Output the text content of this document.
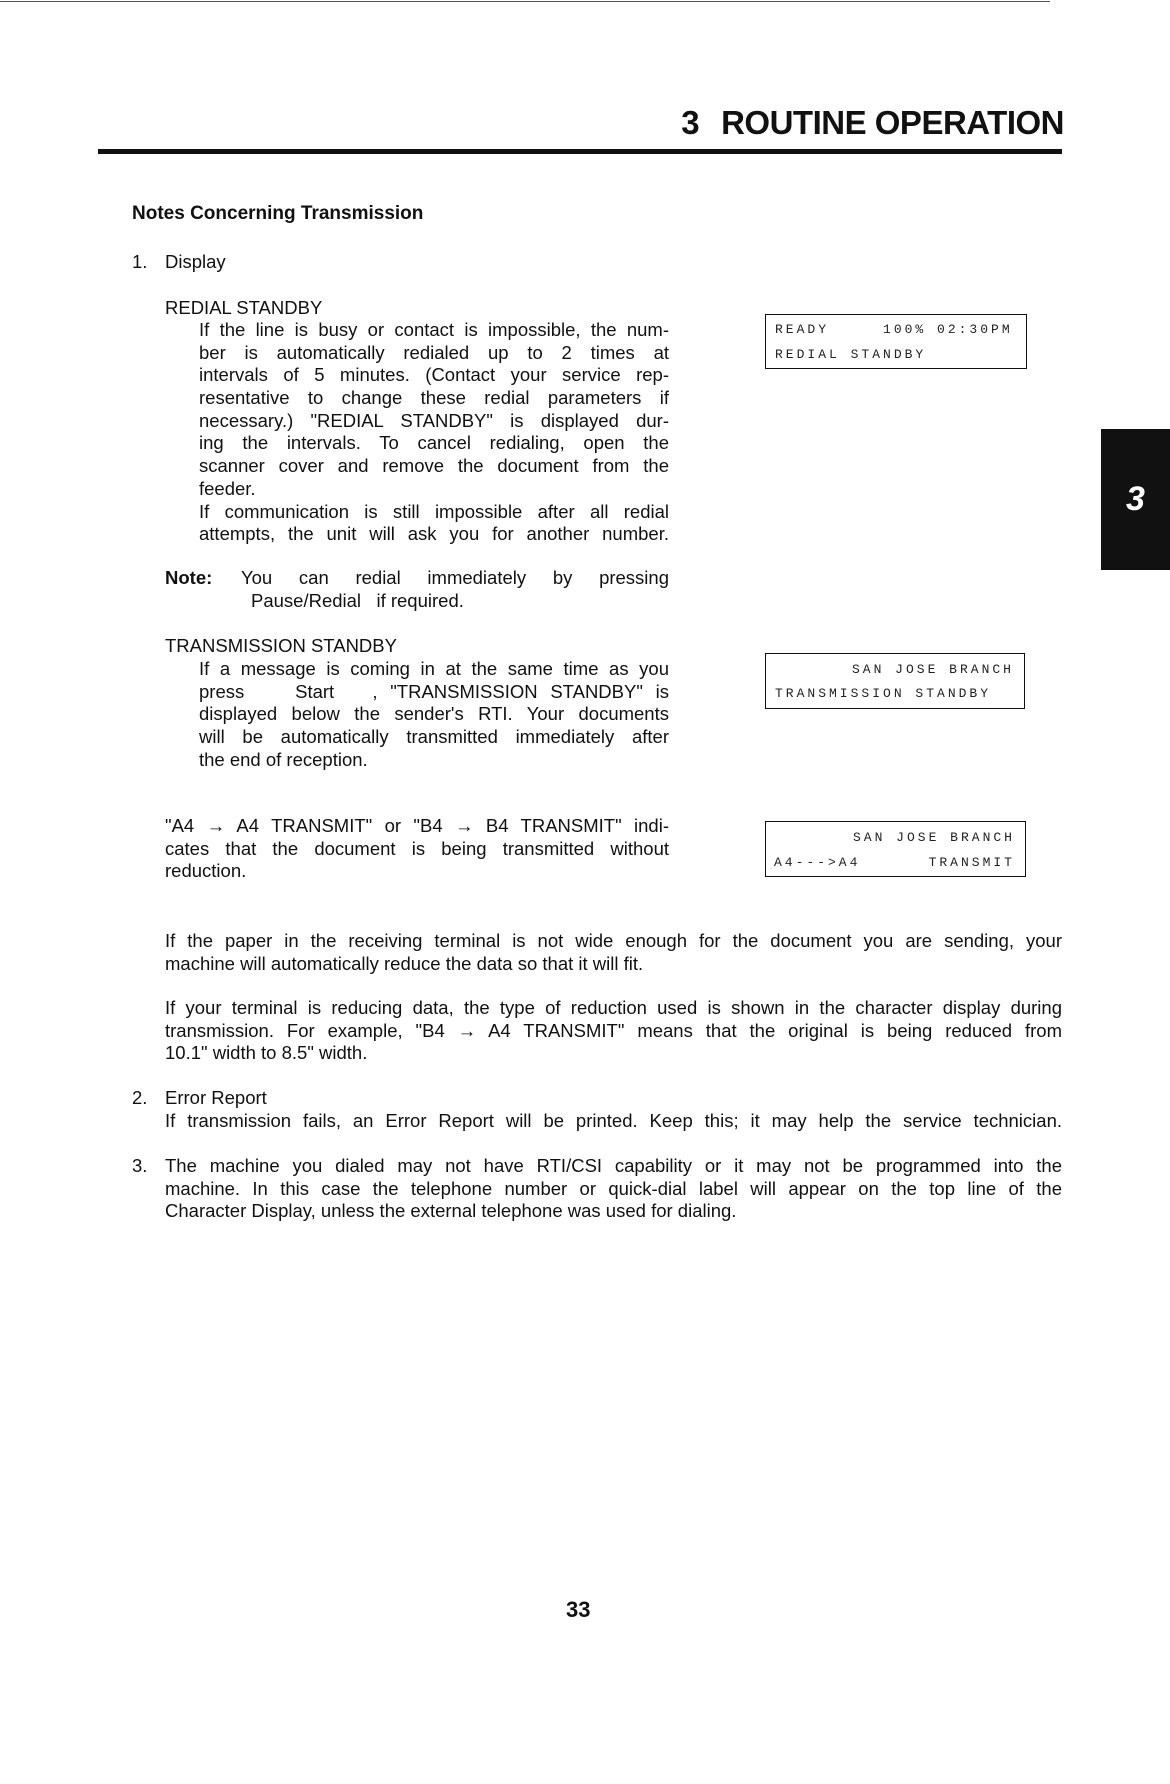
3 ROUTINE OPERATION
Notes Concerning Transmission
1. Display
REDIAL STANDBY
If the line is busy or contact is impossible, the num-
ber is automatically redialed up to 2 times at
intervals of 5 minutes. (Contact your service rep-
resentative to change these redial parameters if
necessary.) "REDIAL STANDBY" is displayed dur-
ing the intervals. To cancel redialing, open the
scanner cover and remove the document from the
feeder.
If communication is still impossible after all redial
attempts, the unit will ask you for another number.
READY     100% 02:30PM
REDIAL STANDBY
Note: You can redial immediately by pressing
Pause/Redial   if required.
TRANSMISSION STANDBY
If a message is coming in at the same time as you
press    Start   , "TRANSMISSION STANDBY" is
displayed below the sender's RTI. Your documents
will be automatically transmitted immediately after
the end of reception.
SAN JOSE BRANCH
TRANSMISSION STANDBY
"A4 → A4 TRANSMIT" or "B4 → B4 TRANSMIT" indi-
cates that the document is being transmitted without
reduction.
SAN JOSE BRANCH
A4--->A4	TRANSMIT
If the paper in the receiving terminal is not wide enough for the document you are sending, your
machine will automatically reduce the data so that it will fit.
If your terminal is reducing data, the type of reduction used is shown in the character display during
transmission. For example, "B4 → A4 TRANSMIT" means that the original is being reduced from
10.1" width to 8.5" width.
2. Error Report
If transmission fails, an Error Report will be printed. Keep this; it may help the service technician.
3. The machine you dialed may not have RTI/CSI capability or it may not be programmed into the
machine. In this case the telephone number or quick-dial label will appear on the top line of the
Character Display, unless the external telephone was used for dialing.
3
33
